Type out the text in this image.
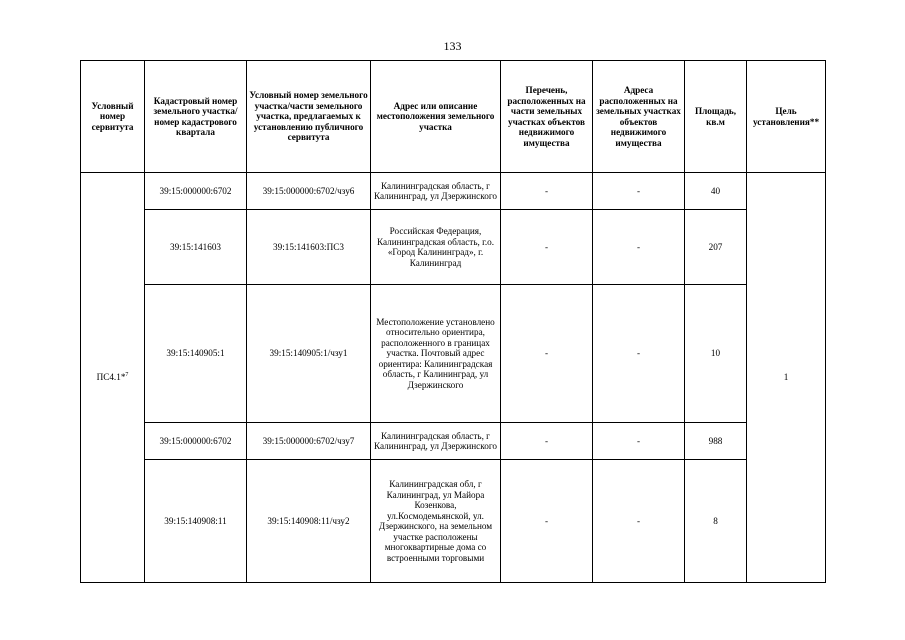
133
Условный номер сервитута	Кадастровый номер земельного участка/номер кадастрового квартала	Условный номер земельного участка/части земельного участка, предлагаемых к установлению публичного сервитута	Адрес или описание местоположения земельного участка	Перечень, расположенных на части земельных участках объектов недвижимого имущества	Адреса расположенных на земельных участках объектов недвижимого имущества	Площадь, кв.м	Цель установления**
ПС4.1*$^7$	39:15:000000:6702	39:15:000000:6702/чзу6	Калининградская область, г Калининград, ул Дзержинского	-	-	40	1
	39:15:141603	39:15:141603:ПС3	Российская Федерация, Калининградская область, г.о. «Город Калининград», г. Калининград	-	-	207	
	39:15:140905:1	39:15:140905:1/чзу1	Местоположение установлено относительно ориентира, расположенного в границах участка. Почтовый адрес ориентира: Калининградская область, г Калининград, ул Дзержинского	-	-	10	
	39:15:000000:6702	39:15:000000:6702/чзу7	Калининградская область, г Калининград, ул Дзержинского	-	-	988	
	39:15:140908:11	39:15:140908:11/чзу2	Калининградская обл, г Калининград, ул Майора Козенкова, ул.Космодемьянской, ул. Дзержинского, на земельном участке расположены многоквартирные дома со встроенными торговыми	-	-	8	
